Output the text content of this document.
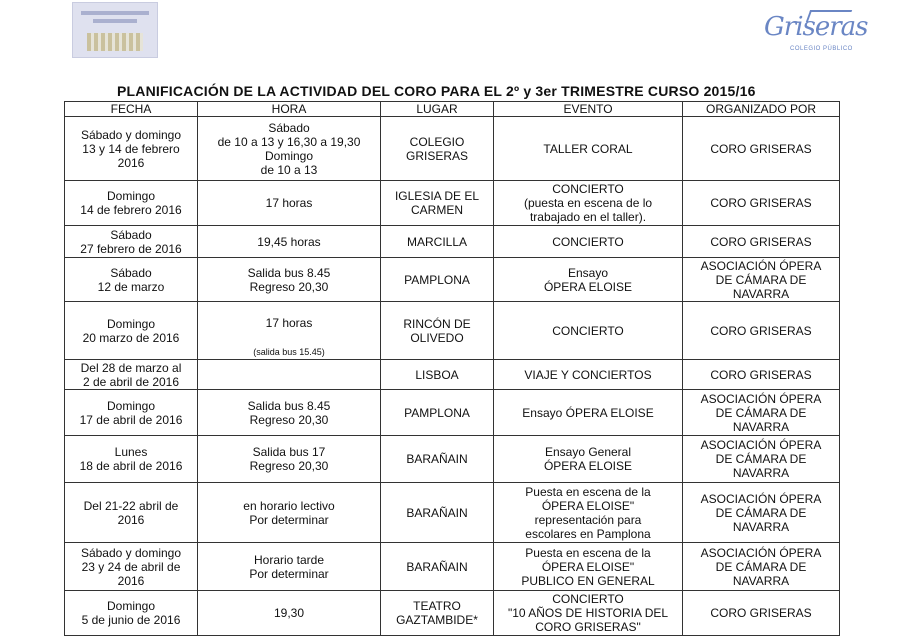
Griseras
COLEGIO PÚBLICO
PLANIFICACIÓN DE LA ACTIVIDAD DEL CORO PARA EL 2º y 3er TRIMESTRE CURSO 2015/16
FECHA	HORA	LUGAR	EVENTO	ORGANIZADO POR
Sábado y domingo
13 y 14 de febrero
2016	Sábado
de 10 a 13 y 16,30 a 19,30
Domingo
de 10 a 13	COLEGIO
GRISERAS	TALLER CORAL	CORO GRISERAS
Domingo
14 de febrero 2016	17 horas	IGLESIA DE EL
CARMEN	CONCIERTO
(puesta en escena de lo
trabajado en el taller).	CORO GRISERAS
Sábado
27 febrero de 2016	19,45 horas	MARCILLA	CONCIERTO	CORO GRISERAS
Sábado
12 de marzo	Salida bus 8.45
Regreso 20,30	PAMPLONA	Ensayo
ÓPERA ELOISE	ASOCIACIÓN ÓPERA
DE CÁMARA DE
NAVARRA
Domingo
20 marzo de 2016	17 horas

(salida bus 15.45)	RINCÓN DE
OLIVEDO	CONCIERTO	CORO GRISERAS
Del 28 de marzo al
2 de abril de 2016		LISBOA	VIAJE Y CONCIERTOS	CORO GRISERAS
Domingo
17 de abril de 2016	Salida bus 8.45
Regreso 20,30	PAMPLONA	Ensayo ÓPERA ELOISE	ASOCIACIÓN ÓPERA
DE CÁMARA DE
NAVARRA
Lunes
18 de abril de 2016	Salida bus 17
Regreso 20,30	BARAÑAIN	Ensayo General
ÓPERA ELOISE	ASOCIACIÓN ÓPERA
DE CÁMARA DE
NAVARRA
Del 21-22 abril de
2016	en horario lectivo
Por determinar	BARAÑAIN	Puesta en escena de la
ÓPERA ELOISE"
representación para
escolares en Pamplona	ASOCIACIÓN ÓPERA
DE CÁMARA DE
NAVARRA
Sábado y domingo
23 y 24 de abril de
2016	Horario tarde
Por determinar	BARAÑAIN	Puesta en escena de la
ÓPERA ELOISE"
PUBLICO EN GENERAL	ASOCIACIÓN ÓPERA
DE CÁMARA DE
NAVARRA
Domingo
5 de junio de 2016	19,30	TEATRO
GAZTAMBIDE*	CONCIERTO
"10 AÑOS DE HISTORIA DEL
CORO GRISERAS"	CORO GRISERAS
